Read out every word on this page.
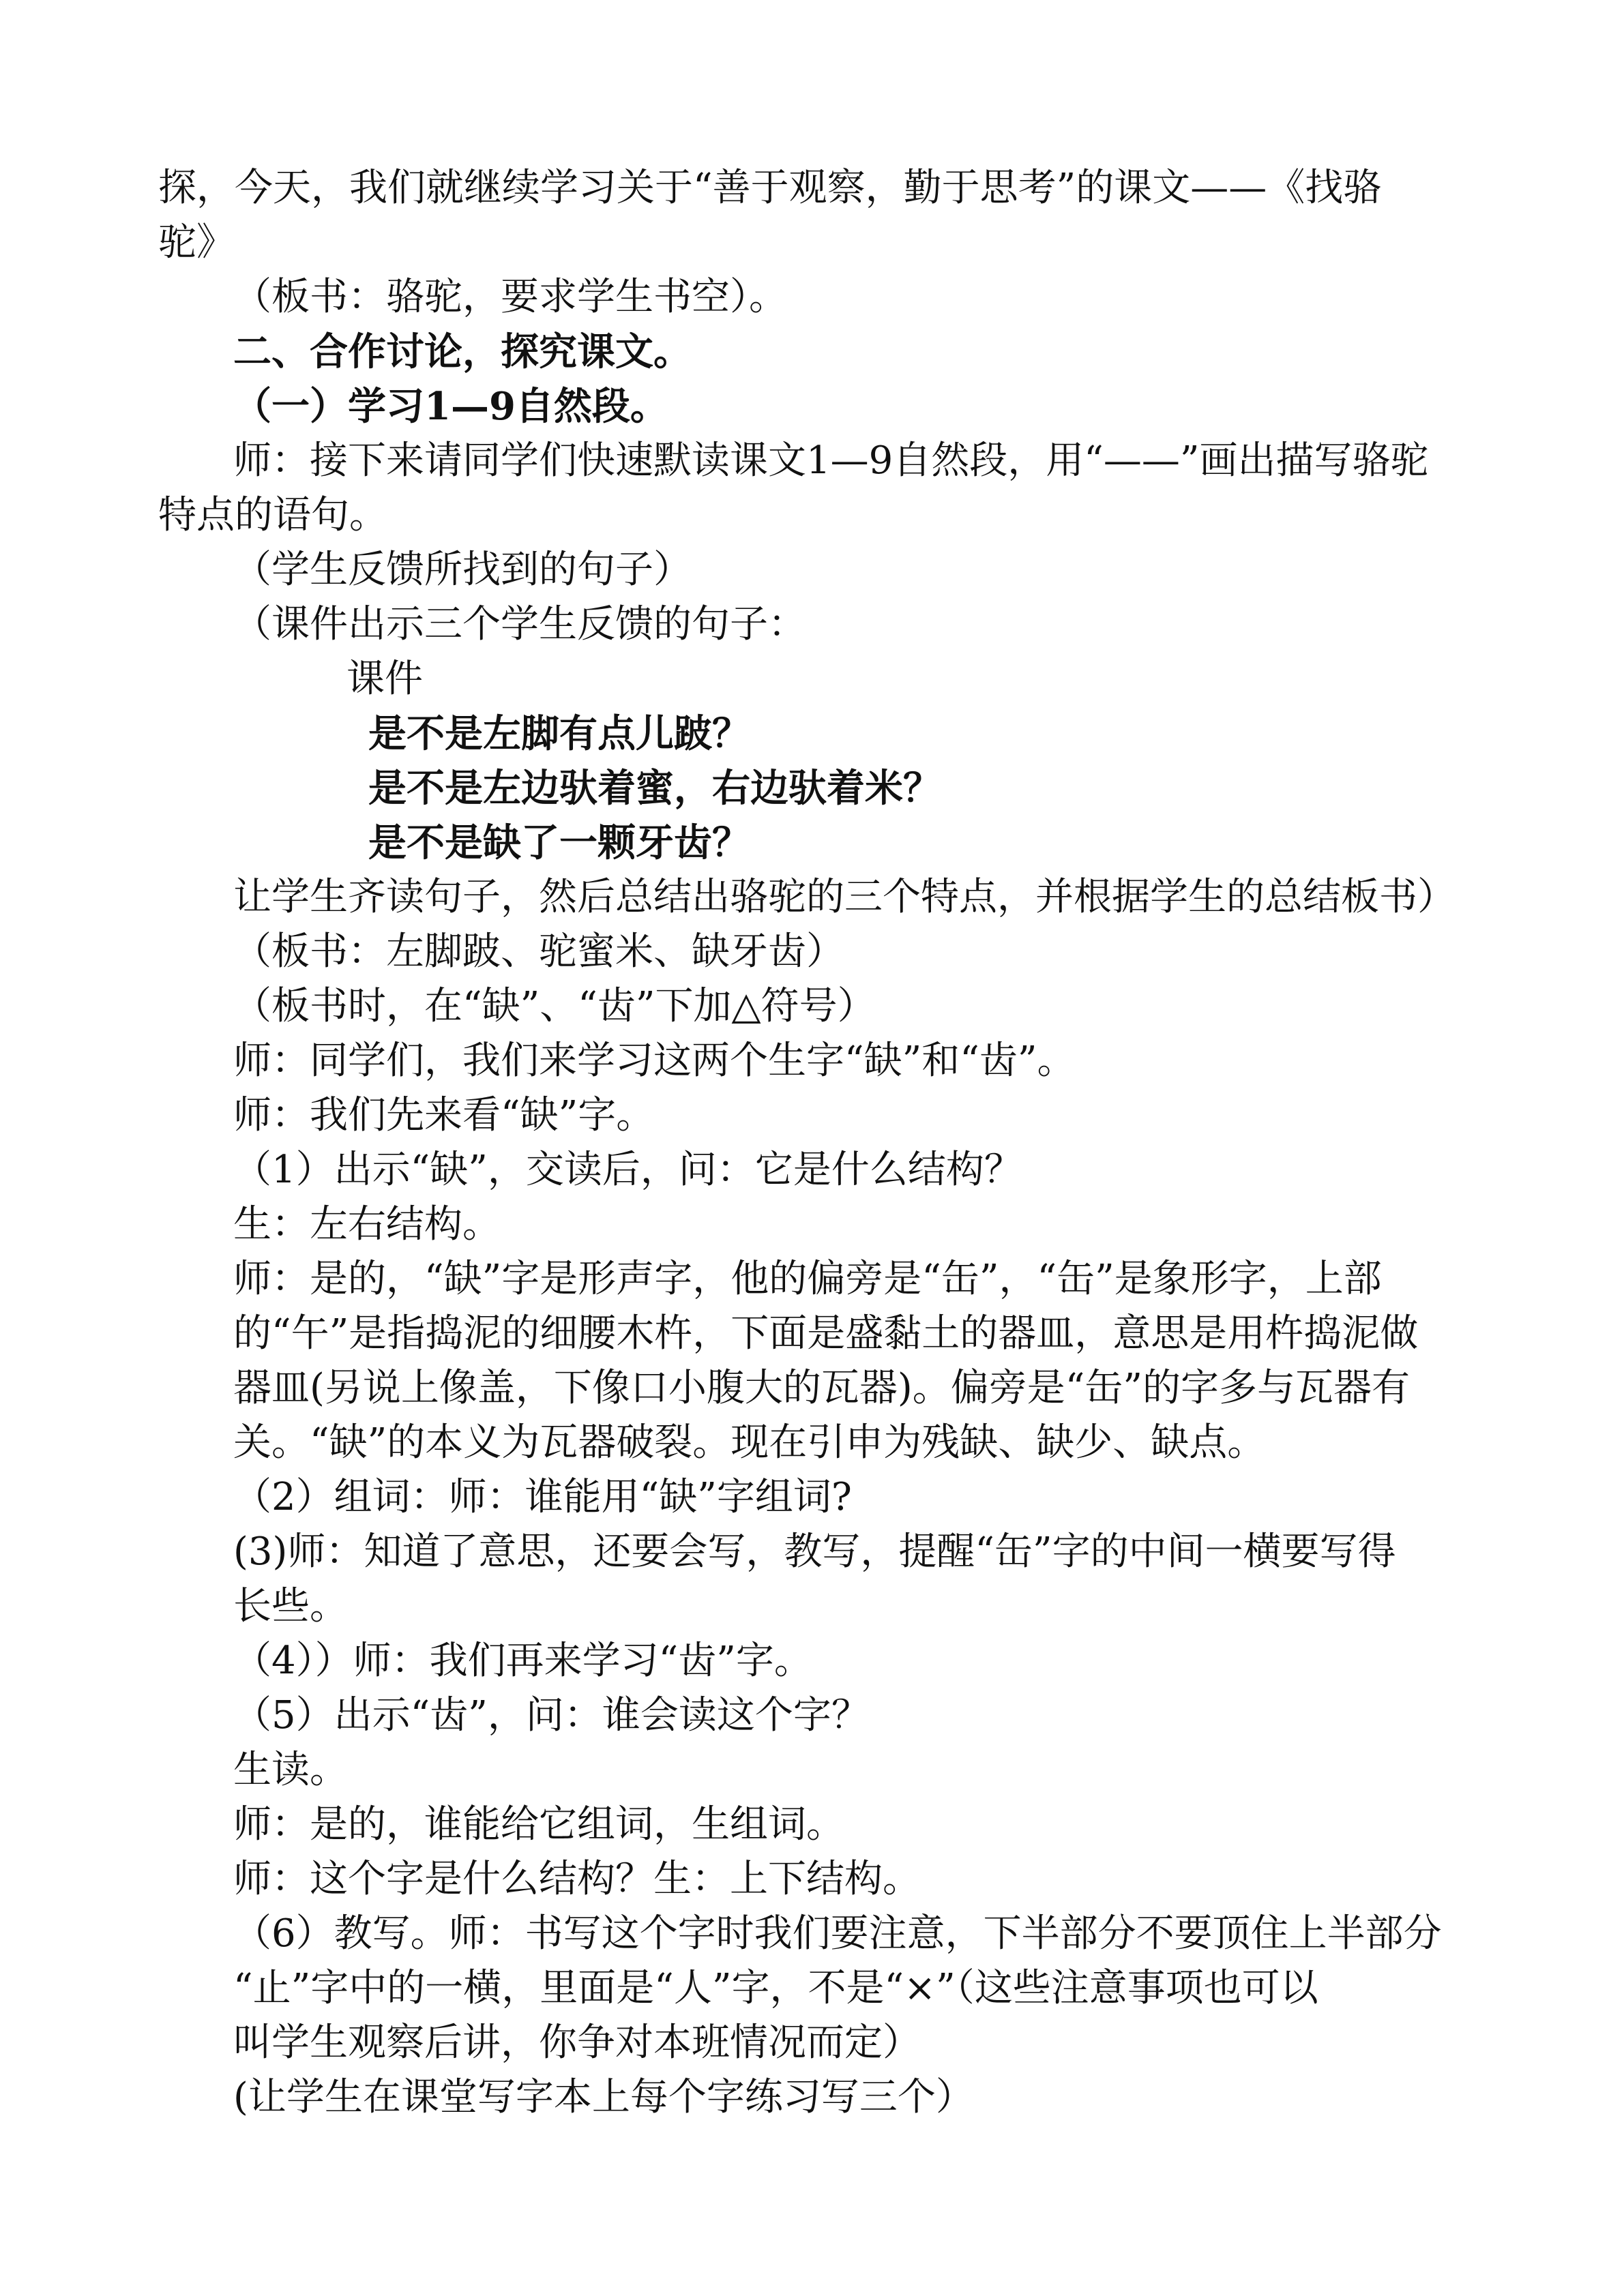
探，今天，我们就继续学习关于“善于观察，勤于思考”的课文——《找骆
驼》
（板书：骆驼，要求学生书空）。
二、合作讨论，探究课文。
（一）学习1—9自然段。
师：接下来请同学们快速默读课文1—9自然段，用“——”画出描写骆驼
特点的语句。
（学生反馈所找到的句子）
（课件出示三个学生反馈的句子：
课件
是不是左脚有点儿跛？
是不是左边驮着蜜，右边驮着米？
是不是缺了一颗牙齿？
让学生齐读句子，然后总结出骆驼的三个特点，并根据学生的总结板书）
（板书：左脚跛、驼蜜米、缺牙齿）
（板书时，在“缺”、“齿”下加△符号）
师：同学们，我们来学习这两个生字“缺”和“齿”。
师：我们先来看“缺”字。
（1）出示“缺”，交读后，问：它是什么结构？
生：左右结构。
师：是的，“缺”字是形声字，他的偏旁是“缶”，“缶”是象形字，上部
的“午”是指捣泥的细腰木杵，下面是盛黏土的器皿，意思是用杵捣泥做
器皿(另说上像盖，下像口小腹大的瓦器)。偏旁是“缶”的字多与瓦器有
关。“缺”的本义为瓦器破裂。现在引申为残缺、缺少、缺点。
（2）组词：师：谁能用“缺”字组词?
(3)师：知道了意思，还要会写，教写，提醒“缶”字的中间一横要写得
长些。
（4））师：我们再来学习“齿”字。
（5）出示“齿”，问：谁会读这个字？
生读。
师：是的，谁能给它组词，生组词。
师：这个字是什么结构？生：上下结构。
（6）教写。师：书写这个字时我们要注意，下半部分不要顶住上半部分
“止”字中的一横，里面是“人”字，不是“×”（这些注意事项也可以
叫学生观察后讲，你争对本班情况而定）
(让学生在课堂写字本上每个字练习写三个）
